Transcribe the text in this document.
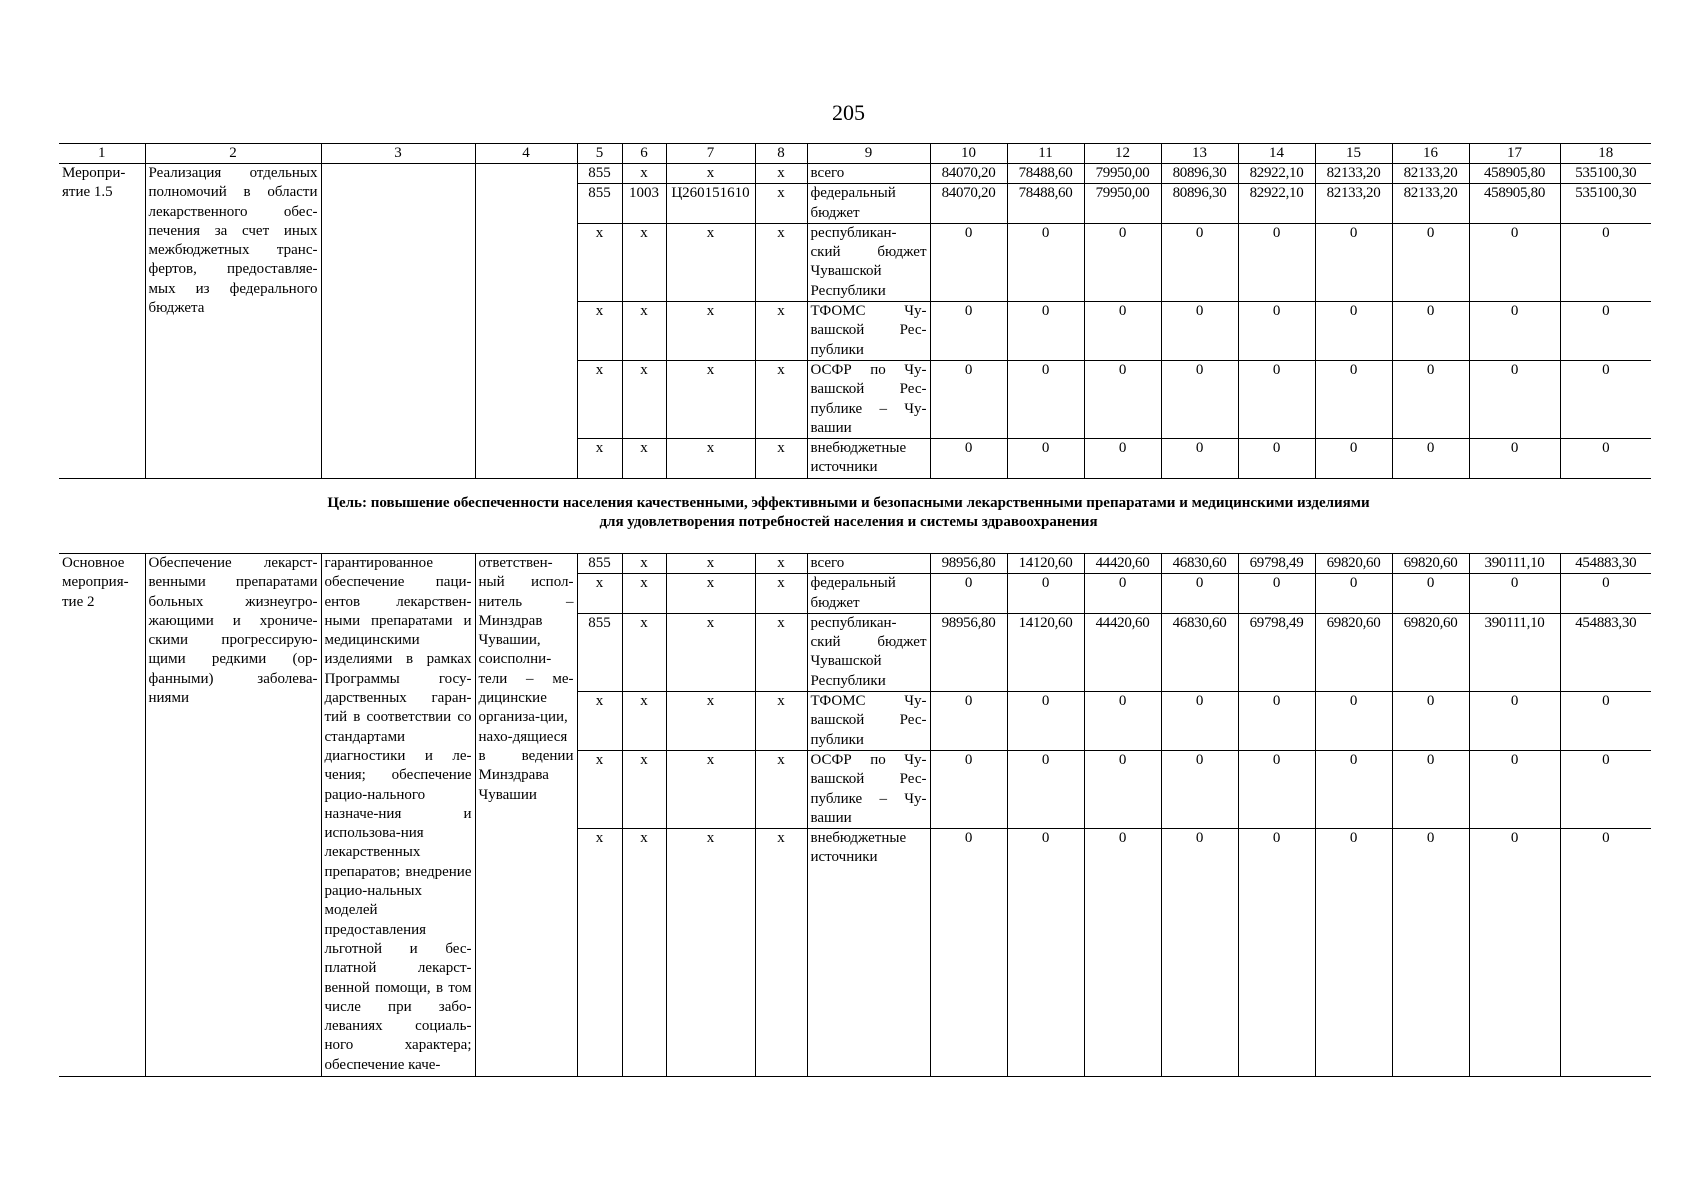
205
1	2	3	4	5	6	7	8	9	10	11	12	13	14	15	16	17	18
Меропри-ятие 1.5	Реализация отдельных полномочий в области лекарственного обес-печения за счет иных межбюджетных транс-фертов, предоставляе-мых из федерального бюджета			855	x	x	x	всего	84070,20	78488,60	79950,00	80896,30	82922,10	82133,20	82133,20	458905,80	535100,30
				855	1003	Ц260151610	x	федеральный бюджет	84070,20	78488,60	79950,00	80896,30	82922,10	82133,20	82133,20	458905,80	535100,30
				x	x	x	x	республикан-ский бюджет Чувашской Республики	0	0	0	0	0	0	0	0	0
				x	x	x	x	ТФОМС Чу-вашской Рес-публики	0	0	0	0	0	0	0	0	0
				x	x	x	x	ОСФР по Чу-вашской Рес-публике – Чу-вашии	0	0	0	0	0	0	0	0	0
				x	x	x	x	внебюджетные источники	0	0	0	0	0	0	0	0	0
Цель: повышение обеспеченности населения качественными, эффективными и безопасными лекарственными препаратами и медицинскими изделиями
для удовлетворения потребностей населения и системы здравоохранения
Основное мероприя-тие 2	Обеспечение лекарст-венными препаратами больных жизнеугро-жающими и хрониче-скими прогрессирую-щими редкими (ор-фанными) заболева-ниями	гарантированное обеспечение паци-ентов лекарствен-ными препаратами и медицинскими изделиями в рамках Программы госу-дарственных гаран-тий в соответствии со стандартами диагностики и ле-чения; обеспечение рацио-нального назначе-ния и использова-ния лекарственных препаратов; внедрение рацио-нальных моделей предоставления льготной и бес-платной лекарст-венной помощи, в том числе при забо-леваниях социаль-ного характера; обеспечение каче-	ответствен-ный испол-нитель – Минздрав Чувашии, соисполни-тели – ме-дицинские организа-ции, нахо-дящиеся в ведении Минздрава Чувашии	855	x	x	x	всего	98956,80	14120,60	44420,60	46830,60	69798,49	69820,60	69820,60	390111,10	454883,30
				x	x	x	x	федеральный бюджет	0	0	0	0	0	0	0	0	0
				855	x	x	x	республикан-ский бюджет Чувашской Республики	98956,80	14120,60	44420,60	46830,60	69798,49	69820,60	69820,60	390111,10	454883,30
				x	x	x	x	ТФОМС Чу-вашской Рес-публики	0	0	0	0	0	0	0	0	0
				x	x	x	x	ОСФР по Чу-вашской Рес-публике – Чу-вашии	0	0	0	0	0	0	0	0	0
				x	x	x	x	внебюджетные источники	0	0	0	0	0	0	0	0	0
